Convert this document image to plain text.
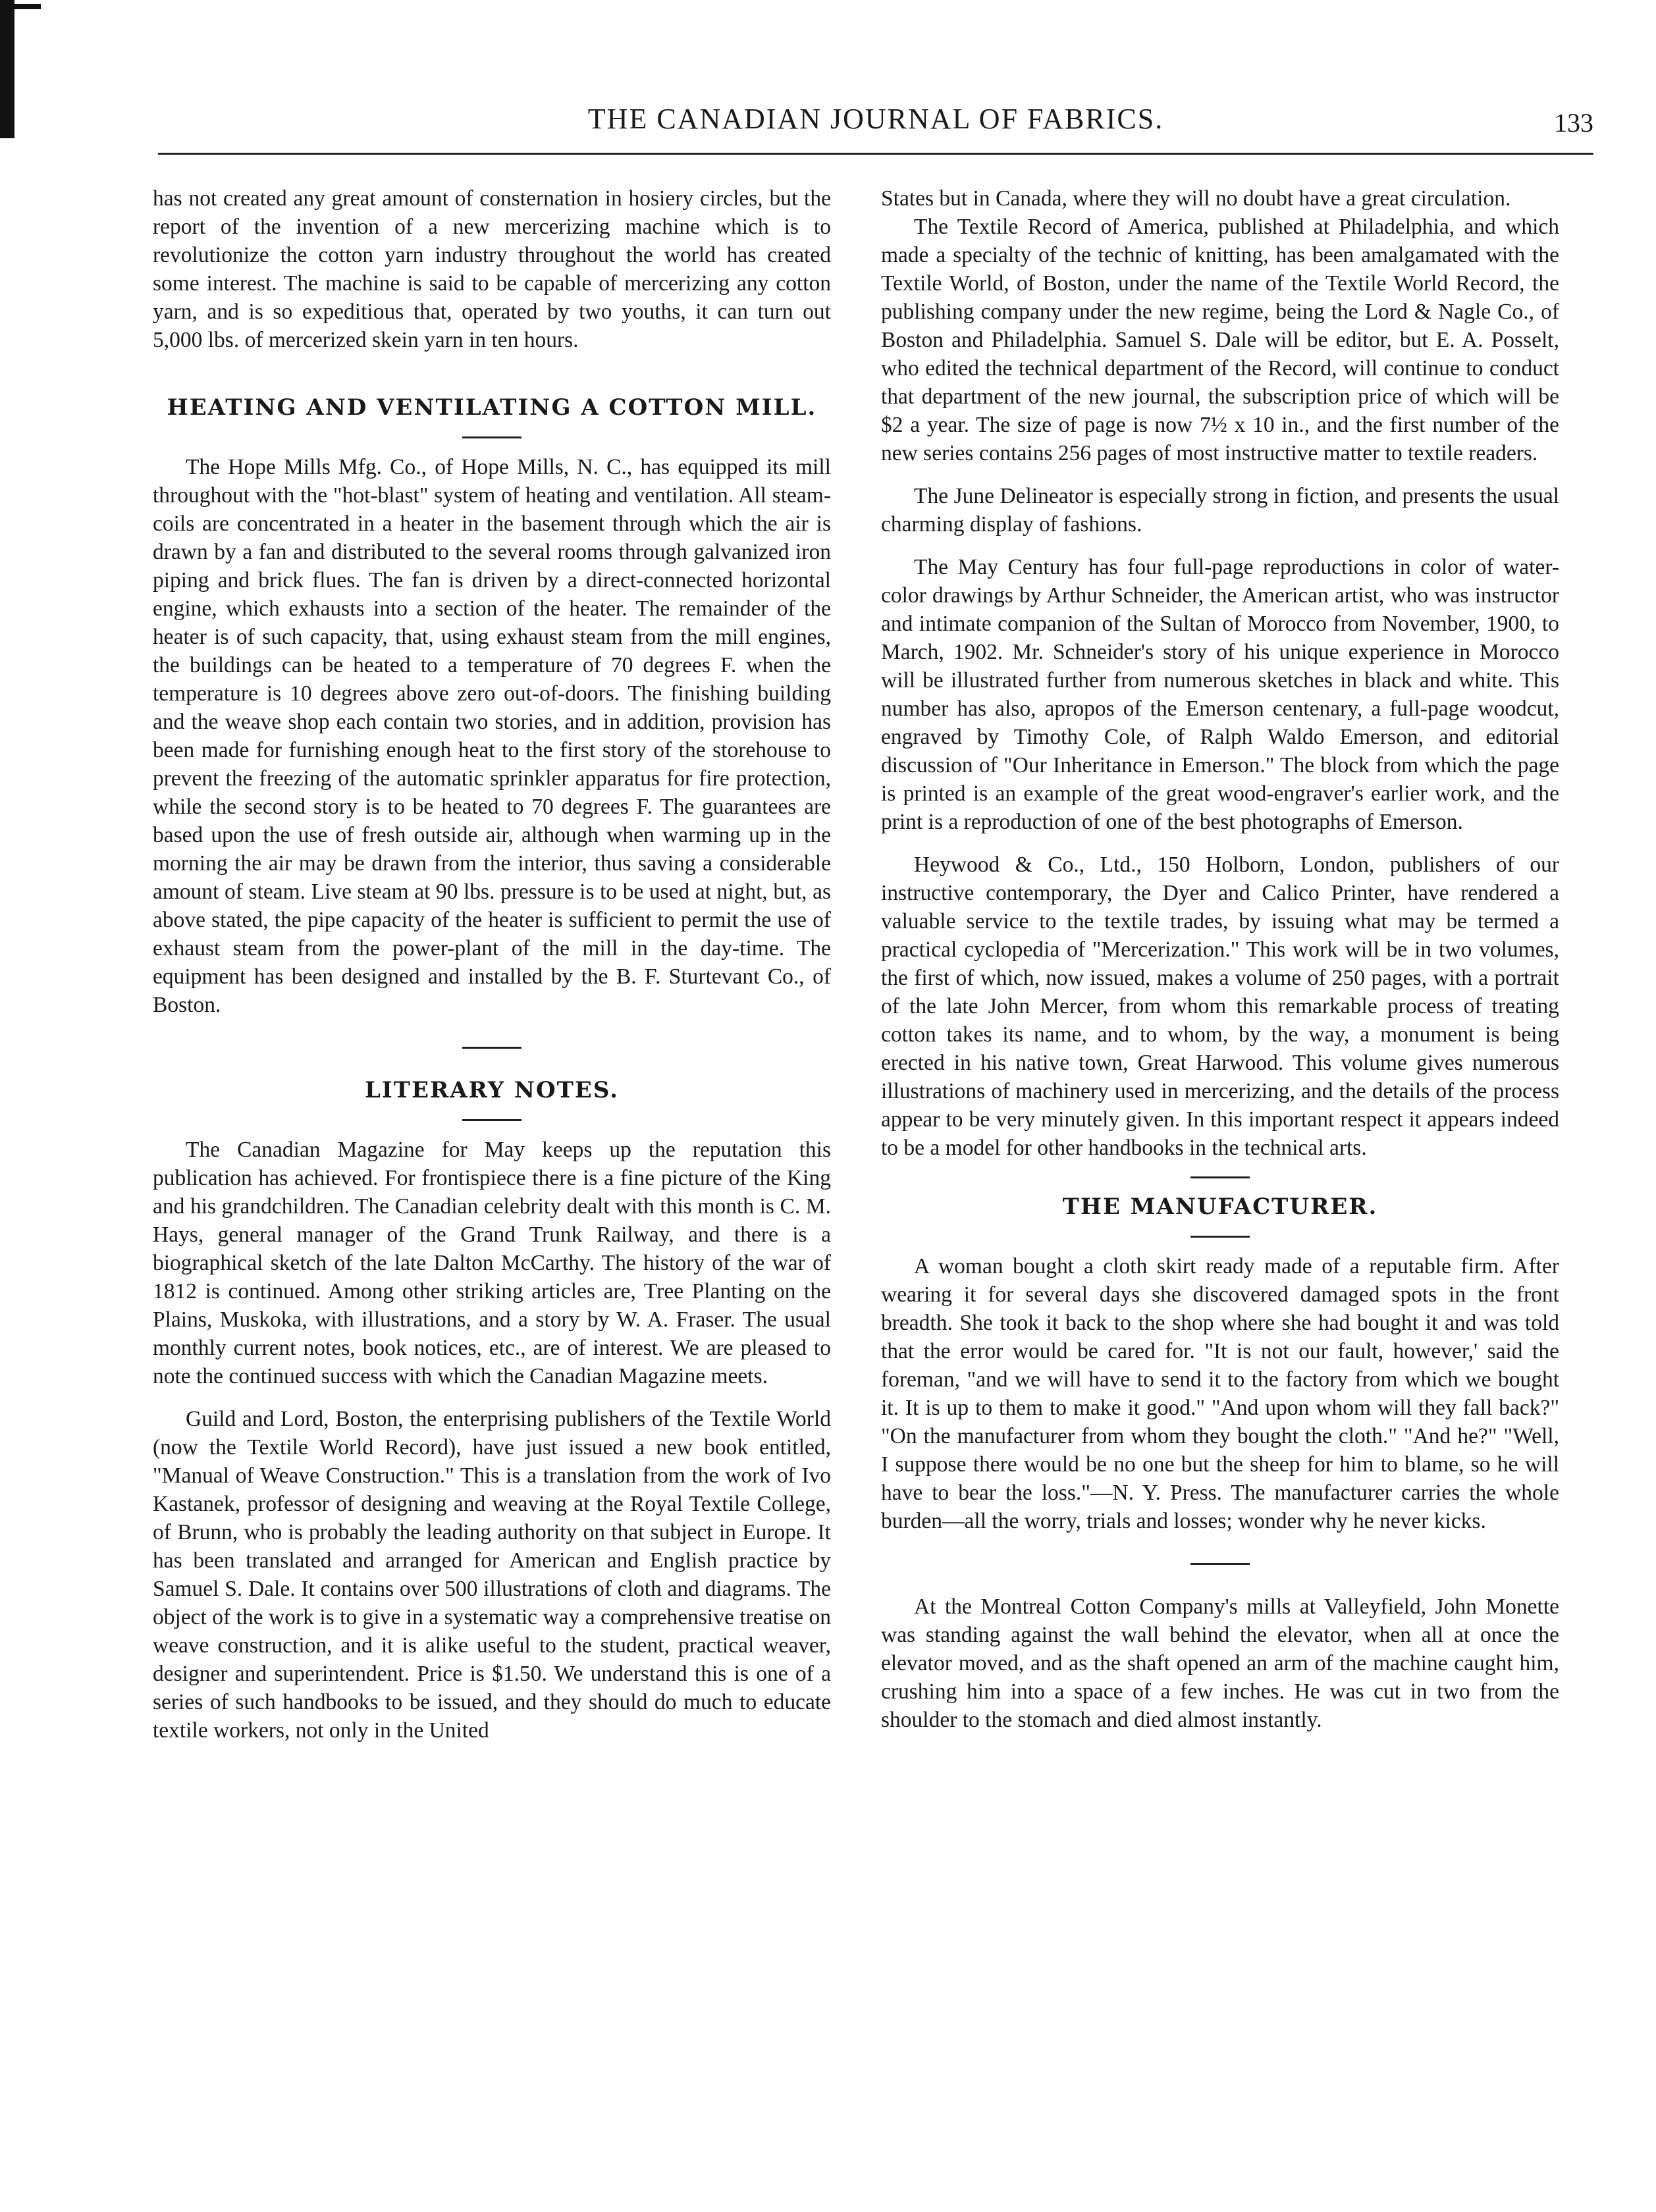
THE CANADIAN JOURNAL OF FABRICS.	133

has not created any great amount of consternation in hosiery circles, but the report of the invention of a new mercerizing machine which is to revolutionize the cotton yarn industry throughout the world has created some interest. The machine is said to be capable of mercerizing any cotton yarn, and is so expeditious that, operated by two youths, it can turn out 5,000 lbs. of mercerized skein yarn in ten hours.

HEATING AND VENTILATING A COTTON MILL.

The Hope Mills Mfg. Co., of Hope Mills, N. C., has equipped its mill throughout with the "hot-blast" system of heating and ventilation. All steam-coils are concentrated in a heater in the basement through which the air is drawn by a fan and distributed to the several rooms through galvanized iron piping and brick flues. The fan is driven by a direct-connected horizontal engine, which exhausts into a section of the heater. The remainder of the heater is of such capacity, that, using exhaust steam from the mill engines, the buildings can be heated to a temperature of 70 degrees F. when the temperature is 10 degrees above zero out-of-doors. The finishing building and the weave shop each contain two stories, and in addition, provision has been made for furnishing enough heat to the first story of the storehouse to prevent the freezing of the automatic sprinkler apparatus for fire protection, while the second story is to be heated to 70 degrees F. The guarantees are based upon the use of fresh outside air, although when warming up in the morning the air may be drawn from the interior, thus saving a considerable amount of steam. Live steam at 90 lbs. pressure is to be used at night, but, as above stated, the pipe capacity of the heater is sufficient to permit the use of exhaust steam from the power-plant of the mill in the day-time. The equipment has been designed and installed by the B. F. Sturtevant Co., of Boston.

LITERARY NOTES.

The Canadian Magazine for May keeps up the reputation this publication has achieved. For frontispiece there is a fine picture of the King and his grandchildren. The Canadian celebrity dealt with this month is C. M. Hays, general manager of the Grand Trunk Railway, and there is a biographical sketch of the late Dalton McCarthy. The history of the war of 1812 is continued. Among other striking articles are, Tree Planting on the Plains, Muskoka, with illustrations, and a story by W. A. Fraser. The usual monthly current notes, book notices, etc., are of interest. We are pleased to note the continued success with which the Canadian Magazine meets.

Guild and Lord, Boston, the enterprising publishers of the Textile World (now the Textile World Record), have just issued a new book entitled, "Manual of Weave Construction." This is a translation from the work of Ivo Kastanek, professor of designing and weaving at the Royal Textile College, of Brunn, who is probably the leading authority on that subject in Europe. It has been translated and arranged for American and English practice by Samuel S. Dale. It contains over 500 illustrations of cloth and diagrams. The object of the work is to give in a systematic way a comprehensive treatise on weave construction, and it is alike useful to the student, practical weaver, designer and superintendent. Price is $1.50. We understand this is one of a series of such handbooks to be issued, and they should do much to educate textile workers, not only in the United

States but in Canada, where they will no doubt have a great circulation.

The Textile Record of America, published at Philadelphia, and which made a specialty of the technic of knitting, has been amalgamated with the Textile World, of Boston, under the name of the Textile World Record, the publishing company under the new regime, being the Lord & Nagle Co., of Boston and Philadelphia. Samuel S. Dale will be editor, but E. A. Posselt, who edited the technical department of the Record, will continue to conduct that department of the new journal, the subscription price of which will be $2 a year. The size of page is now 7½ x 10 in., and the first number of the new series contains 256 pages of most instructive matter to textile readers.

The June Delineator is especially strong in fiction, and presents the usual charming display of fashions.

The May Century has four full-page reproductions in color of water-color drawings by Arthur Schneider, the American artist, who was instructor and intimate companion of the Sultan of Morocco from November, 1900, to March, 1902. Mr. Schneider's story of his unique experience in Morocco will be illustrated further from numerous sketches in black and white. This number has also, apropos of the Emerson centenary, a full-page woodcut, engraved by Timothy Cole, of Ralph Waldo Emerson, and editorial discussion of "Our Inheritance in Emerson." The block from which the page is printed is an example of the great wood-engraver's earlier work, and the print is a reproduction of one of the best photographs of Emerson.

Heywood & Co., Ltd., 150 Holborn, London, publishers of our instructive contemporary, the Dyer and Calico Printer, have rendered a valuable service to the textile trades, by issuing what may be termed a practical cyclopedia of "Mercerization." This work will be in two volumes, the first of which, now issued, makes a volume of 250 pages, with a portrait of the late John Mercer, from whom this remarkable process of treating cotton takes its name, and to whom, by the way, a monument is being erected in his native town, Great Harwood. This volume gives numerous illustrations of machinery used in mercerizing, and the details of the process appear to be very minutely given. In this important respect it appears indeed to be a model for other handbooks in the technical arts.

THE MANUFACTURER.

A woman bought a cloth skirt ready made of a reputable firm. After wearing it for several days she discovered damaged spots in the front breadth. She took it back to the shop where she had bought it and was told that the error would be cared for. "It is not our fault, however,' said the foreman, "and we will have to send it to the factory from which we bought it. It is up to them to make it good." "And upon whom will they fall back?" "On the manufacturer from whom they bought the cloth." "And he?" "Well, I suppose there would be no one but the sheep for him to blame, so he will have to bear the loss."—N. Y. Press. The manufacturer carries the whole burden—all the worry, trials and losses; wonder why he never kicks.

At the Montreal Cotton Company's mills at Valleyfield, John Monette was standing against the wall behind the elevator, when all at once the elevator moved, and as the shaft opened an arm of the machine caught him, crushing him into a space of a few inches. He was cut in two from the shoulder to the stomach and died almost instantly.
